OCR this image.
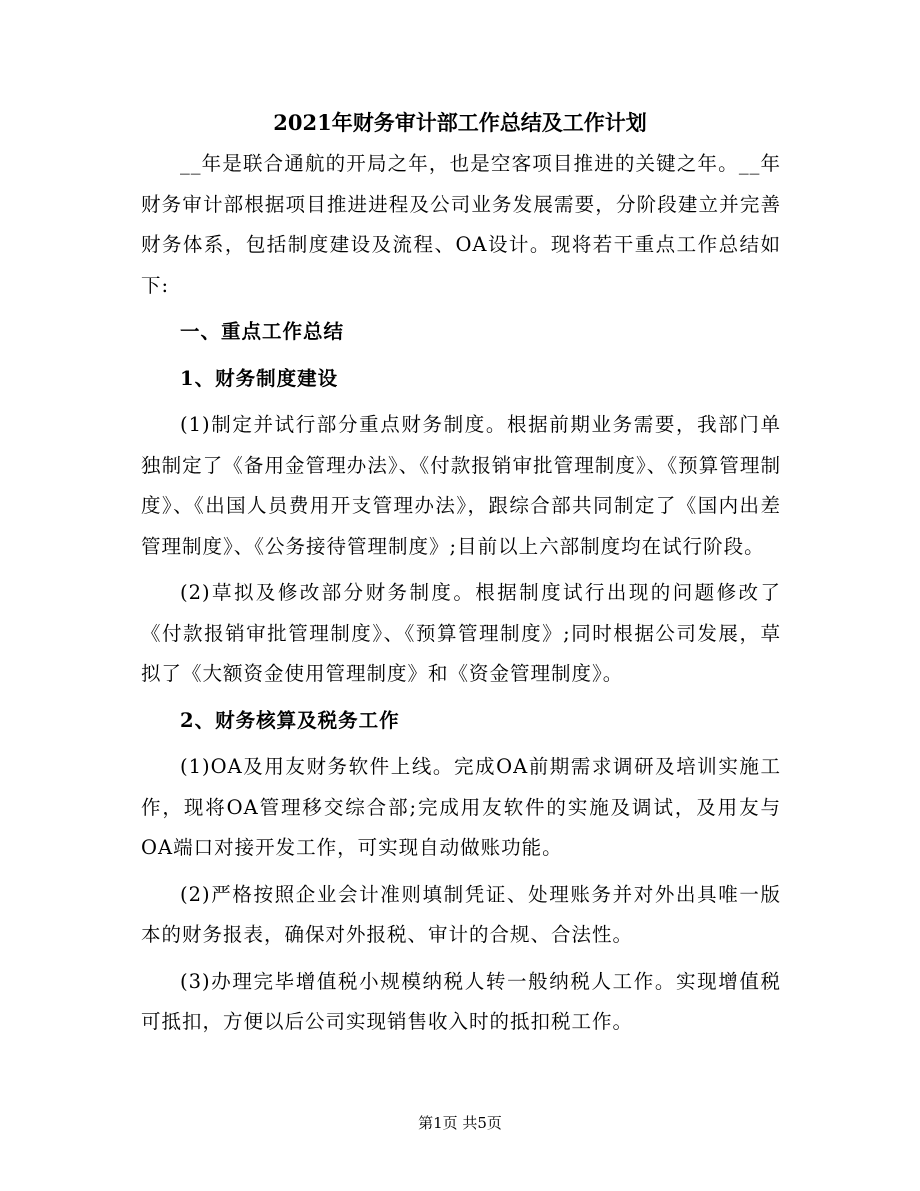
2021年财务审计部工作总结及工作计划

__年是联合通航的开局之年，也是空客项目推进的关键之年。__年财务审计部根据项目推进进程及公司业务发展需要，分阶段建立并完善财务体系，包括制度建设及流程、OA设计。现将若干重点工作总结如下:

一、重点工作总结

1、财务制度建设

(1)制定并试行部分重点财务制度。根据前期业务需要，我部门单独制定了《备用金管理办法》、《付款报销审批管理制度》、《预算管理制度》、《出国人员费用开支管理办法》，跟综合部共同制定了《国内出差管理制度》、《公务接待管理制度》;目前以上六部制度均在试行阶段。

(2)草拟及修改部分财务制度。根据制度试行出现的问题修改了《付款报销审批管理制度》、《预算管理制度》;同时根据公司发展，草拟了《大额资金使用管理制度》和《资金管理制度》。

2、财务核算及税务工作

(1)OA及用友财务软件上线。完成OA前期需求调研及培训实施工作，现将OA管理移交综合部;完成用友软件的实施及调试，及用友与OA端口对接开发工作，可实现自动做账功能。

(2)严格按照企业会计准则填制凭证、处理账务并对外出具唯一版本的财务报表，确保对外报税、审计的合规、合法性。

(3)办理完毕增值税小规模纳税人转一般纳税人工作。实现增值税可抵扣，方便以后公司实现销售收入时的抵扣税工作。

第1页 共5页
